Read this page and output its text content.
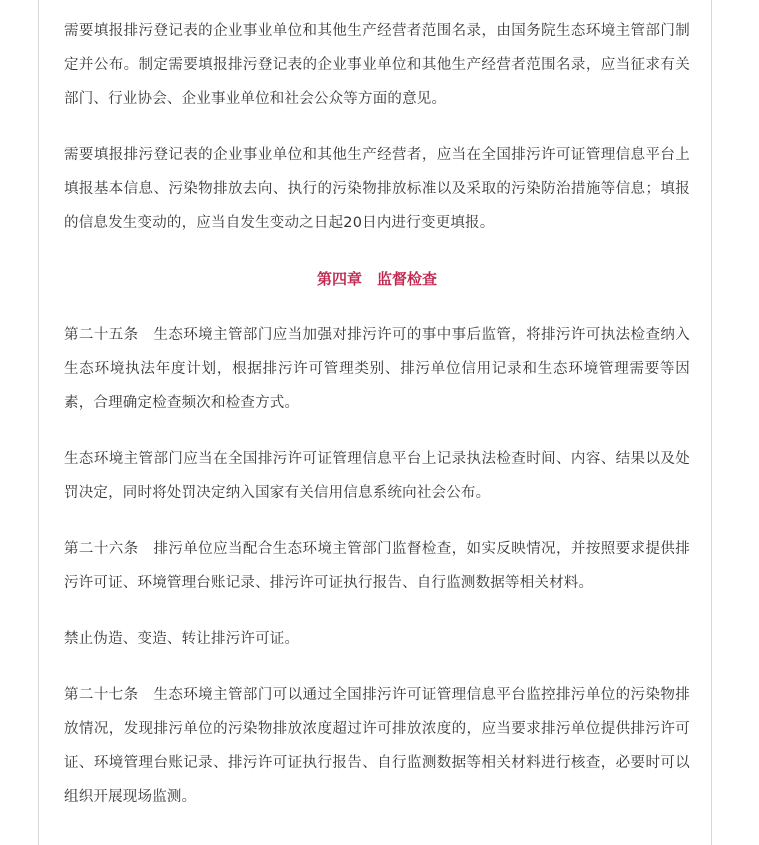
需要填报排污登记表的企业事业单位和其他生产经营者范围名录，由国务院生态环境主管部门制定并公布。制定需要填报排污登记表的企业事业单位和其他生产经营者范围名录，应当征求有关部门、行业协会、企业事业单位和社会公众等方面的意见。

需要填报排污登记表的企业事业单位和其他生产经营者，应当在全国排污许可证管理信息平台上填报基本信息、污染物排放去向、执行的污染物排放标准以及采取的污染防治措施等信息；填报的信息发生变动的，应当自发生变动之日起20日内进行变更填报。

第四章　监督检查

第二十五条　生态环境主管部门应当加强对排污许可的事中事后监管，将排污许可执法检查纳入生态环境执法年度计划，根据排污许可管理类别、排污单位信用记录和生态环境管理需要等因素，合理确定检查频次和检查方式。

生态环境主管部门应当在全国排污许可证管理信息平台上记录执法检查时间、内容、结果以及处罚决定，同时将处罚决定纳入国家有关信用信息系统向社会公布。

第二十六条　排污单位应当配合生态环境主管部门监督检查，如实反映情况，并按照要求提供排污许可证、环境管理台账记录、排污许可证执行报告、自行监测数据等相关材料。

禁止伪造、变造、转让排污许可证。

第二十七条　生态环境主管部门可以通过全国排污许可证管理信息平台监控排污单位的污染物排放情况，发现排污单位的污染物排放浓度超过许可排放浓度的，应当要求排污单位提供排污许可证、环境管理台账记录、排污许可证执行报告、自行监测数据等相关材料进行核查，必要时可以组织开展现场监测。
